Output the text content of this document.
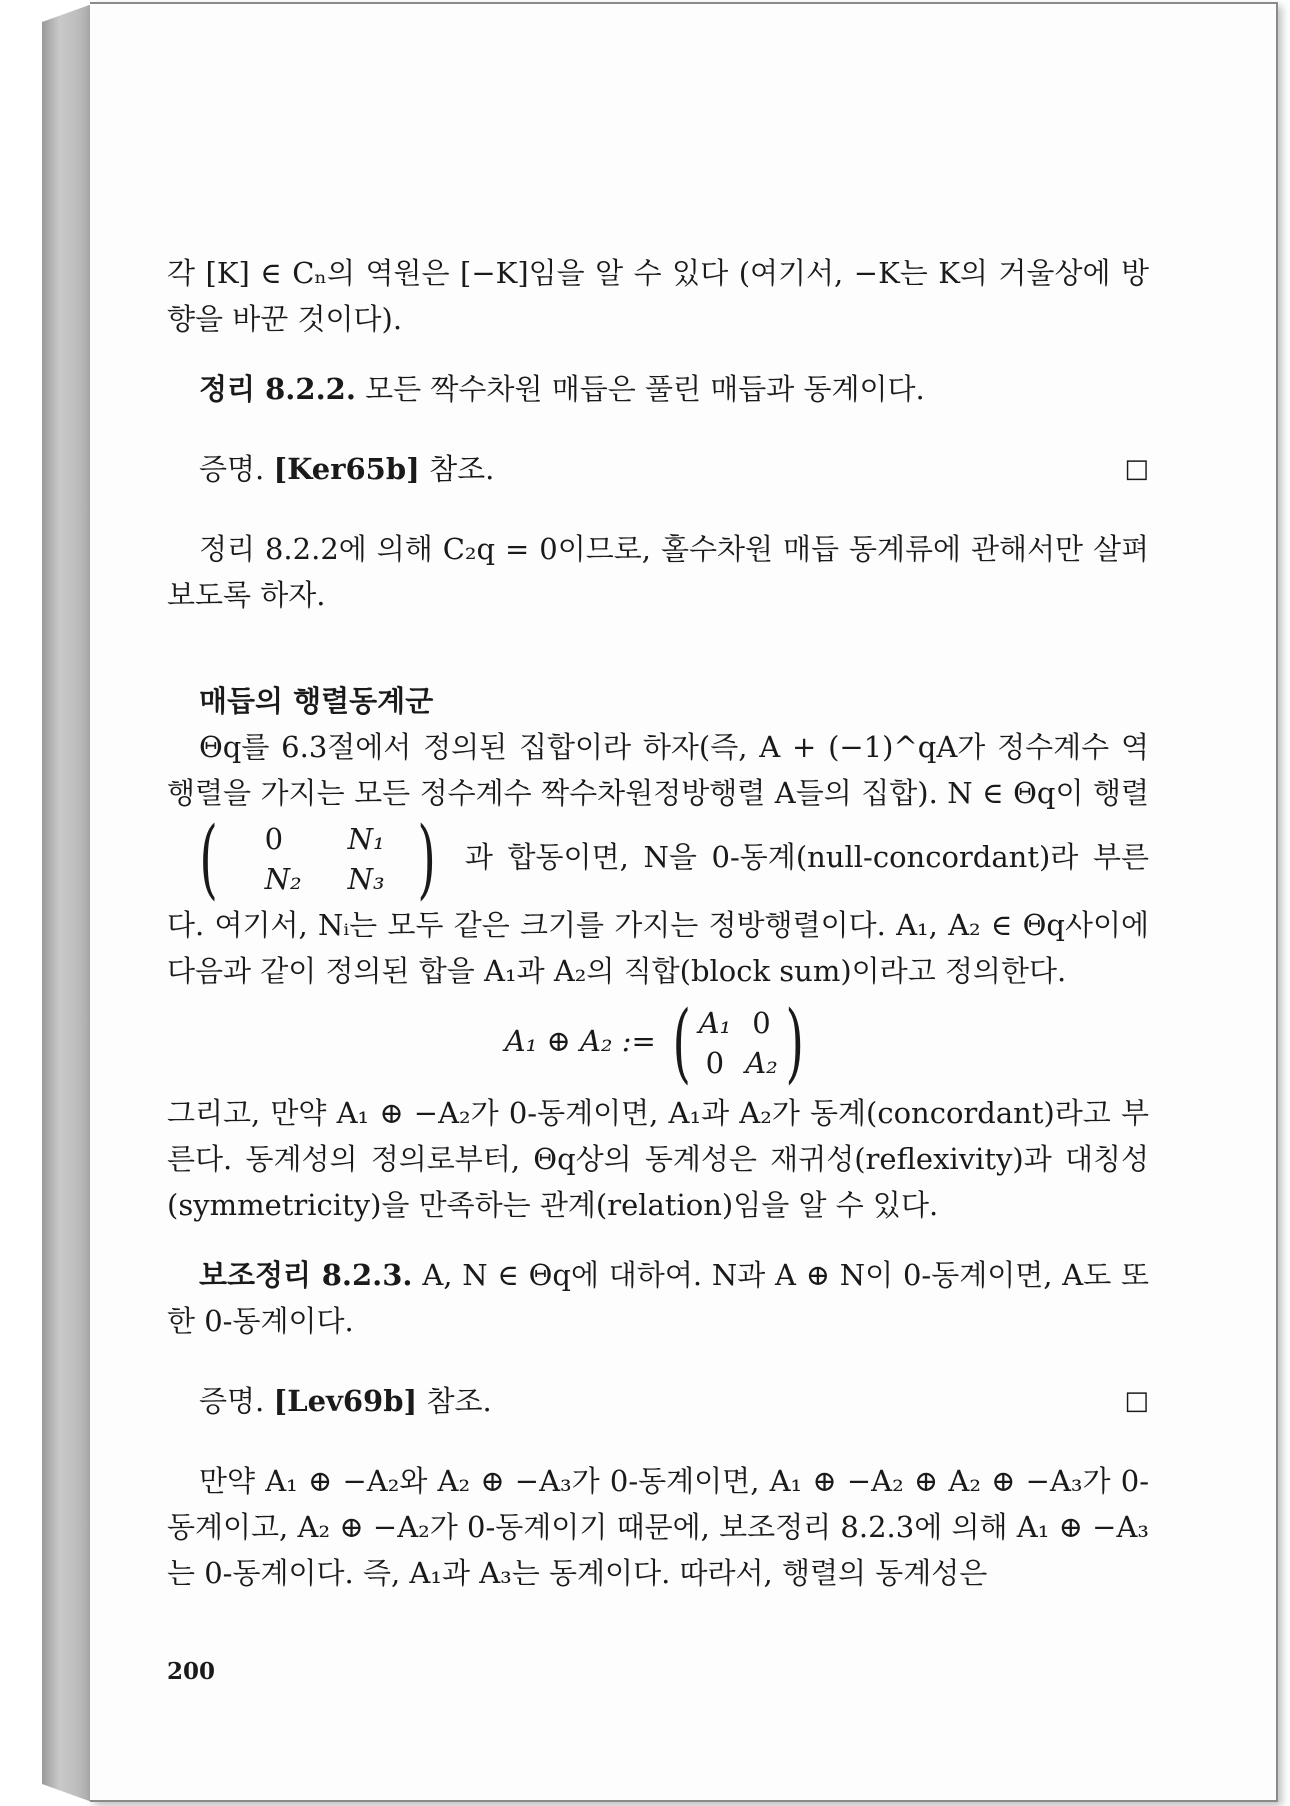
각 [K] ∈ Cₙ의 역원은 [−K]임을 알 수 있다 (여기서, −K는 K의 거울상에 방향을 바꾼 것이다).

정리 8.2.2. 모든 짝수차원 매듭은 풀린 매듭과 동계이다.

증명. [Ker65b] 참조.	□

정리 8.2.2에 의해 C₂q = 0이므로, 홀수차원 매듭 동계류에 관해서만 살펴보도록 하자.

매듭의 행렬동계군

Θq를 6.3절에서 정의된 집합이라 하자(즉, A + (−1)^qA가 정수계수 역행렬을 가지는 모든 정수계수 짝수차원정방행렬 A들의 집합). N ∈ Θq이 행렬
(	0	N₁
N₂	N₃ ) 과 합동이면, N을 0-동계(null-concordant)라 부른다. 여기서, Nᵢ는 모두 같은 크기를 가지는 정방행렬이다. A₁, A₂ ∈ Θq사이에 다음과 같이 정의된 합을 A₁과 A₂의 직합(block sum)이라고 정의한다.

A₁ ⊕ A₂ := ( A₁ 0
0 A₂ )

그리고, 만약 A₁ ⊕ −A₂가 0-동계이면, A₁과 A₂가 동계(concordant)라고 부른다. 동계성의 정의로부터, Θq상의 동계성은 재귀성(reflexivity)과 대칭성(symmetricity)을 만족하는 관계(relation)임을 알 수 있다.

보조정리 8.2.3. A, N ∈ Θq에 대하여. N과 A ⊕ N이 0-동계이면, A도 또한 0-동계이다.

증명. [Lev69b] 참조.	□

만약 A₁ ⊕ −A₂와 A₂ ⊕ −A₃가 0-동계이면, A₁ ⊕ −A₂ ⊕ A₂ ⊕ −A₃가 0-동계이고, A₂ ⊕ −A₂가 0-동계이기 때문에, 보조정리 8.2.3에 의해 A₁ ⊕ −A₃는 0-동계이다. 즉, A₁과 A₃는 동계이다. 따라서, 행렬의 동계성은

200
